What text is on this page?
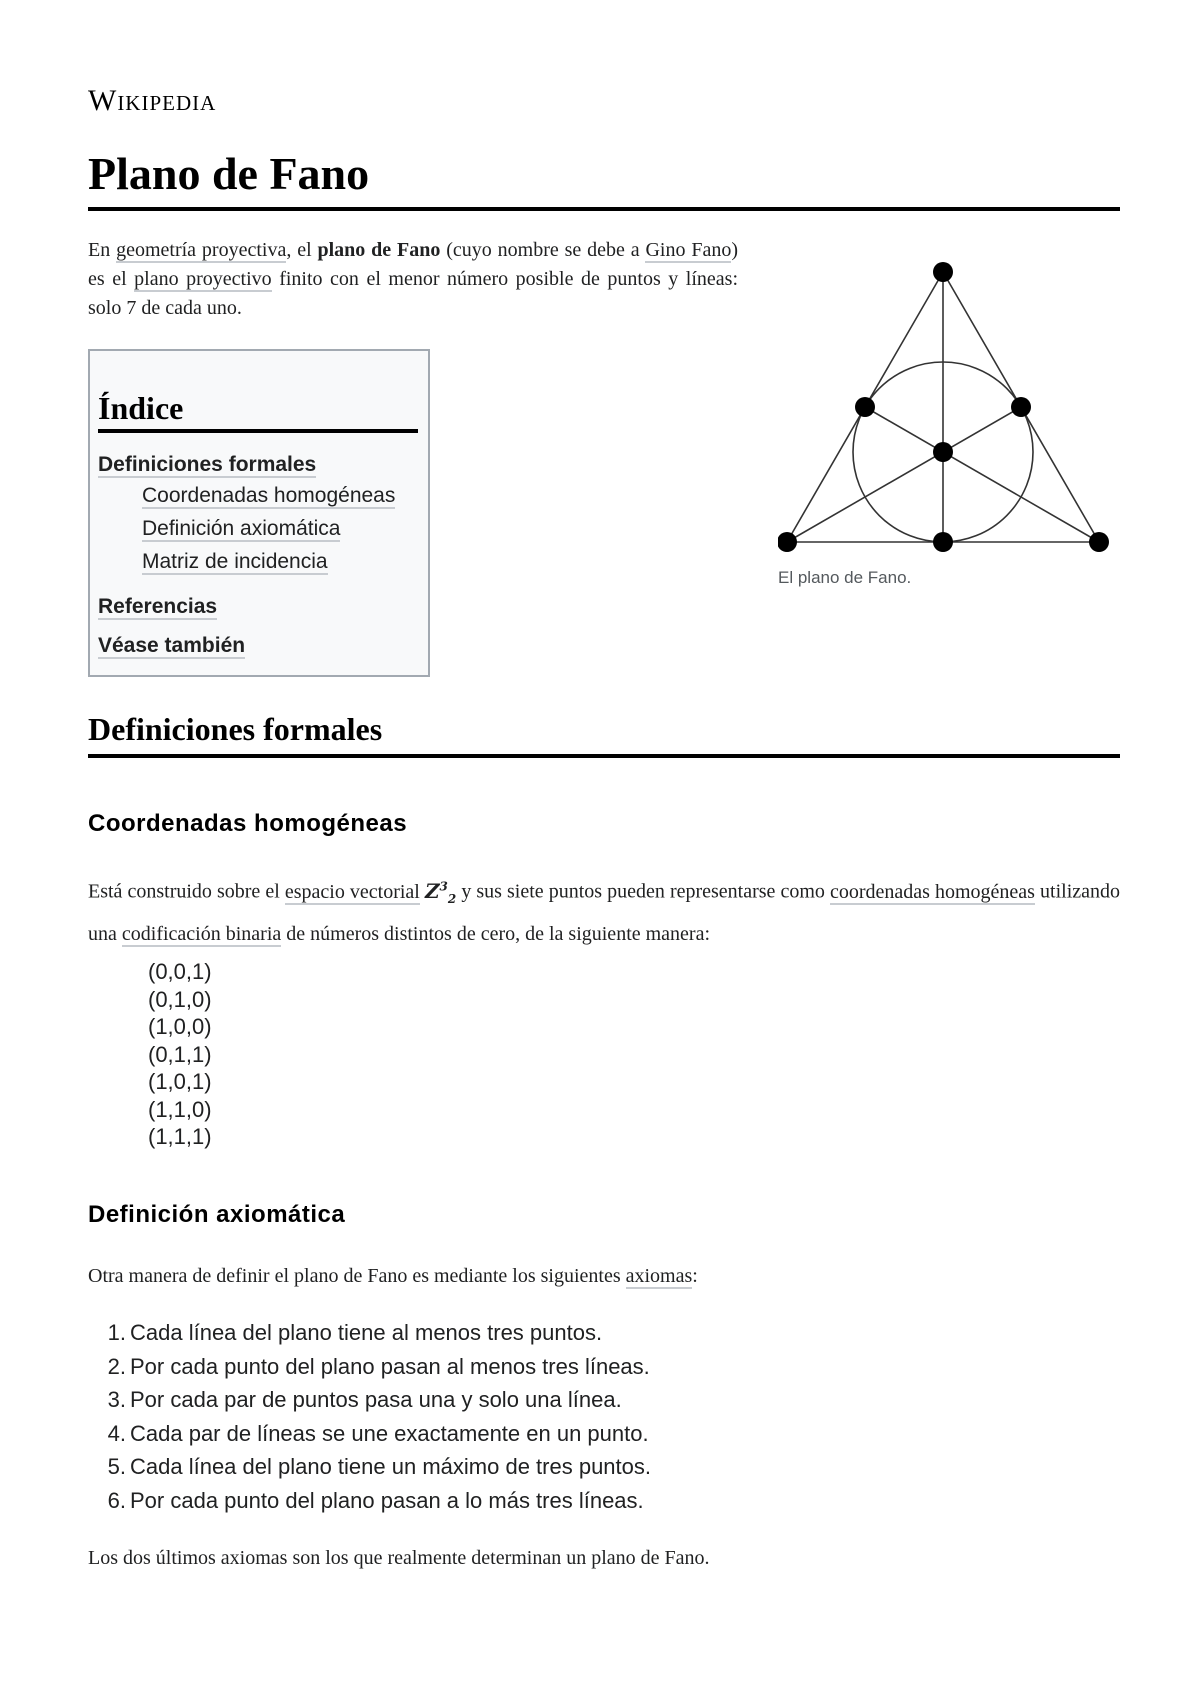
Wikipedia
Plano de Fano

En geometría proyectiva, el plano de Fano (cuyo nombre se debe a Gino Fano) es el plano proyectivo finito con el menor número posible de puntos y líneas: solo 7 de cada uno.

El plano de Fano.
Índice
Definiciones formales
Coordenadas homogéneas
Definición axiomática
Matriz de incidencia
Referencias
Véase también
Definiciones formales
Coordenadas homogéneas

Está construido sobre el espacio vectorial $Z^3_2$ y sus siete puntos pueden representarse como coordenadas homogéneas utilizando una codificación binaria de números distintos de cero, de la siguiente manera:

(0,0,1)
(0,1,0)
(1,0,0)
(0,1,1)
(1,0,1)
(1,1,0)
(1,1,1)
Definición axiomática

Otra manera de definir el plano de Fano es mediante los siguientes axiomas:

1. Cada línea del plano tiene al menos tres puntos.
2. Por cada punto del plano pasan al menos tres líneas.
3. Por cada par de puntos pasa una y solo una línea.
4. Cada par de líneas se une exactamente en un punto.
5. Cada línea del plano tiene un máximo de tres puntos.
6. Por cada punto del plano pasan a lo más tres líneas.

Los dos últimos axiomas son los que realmente determinan un plano de Fano.
